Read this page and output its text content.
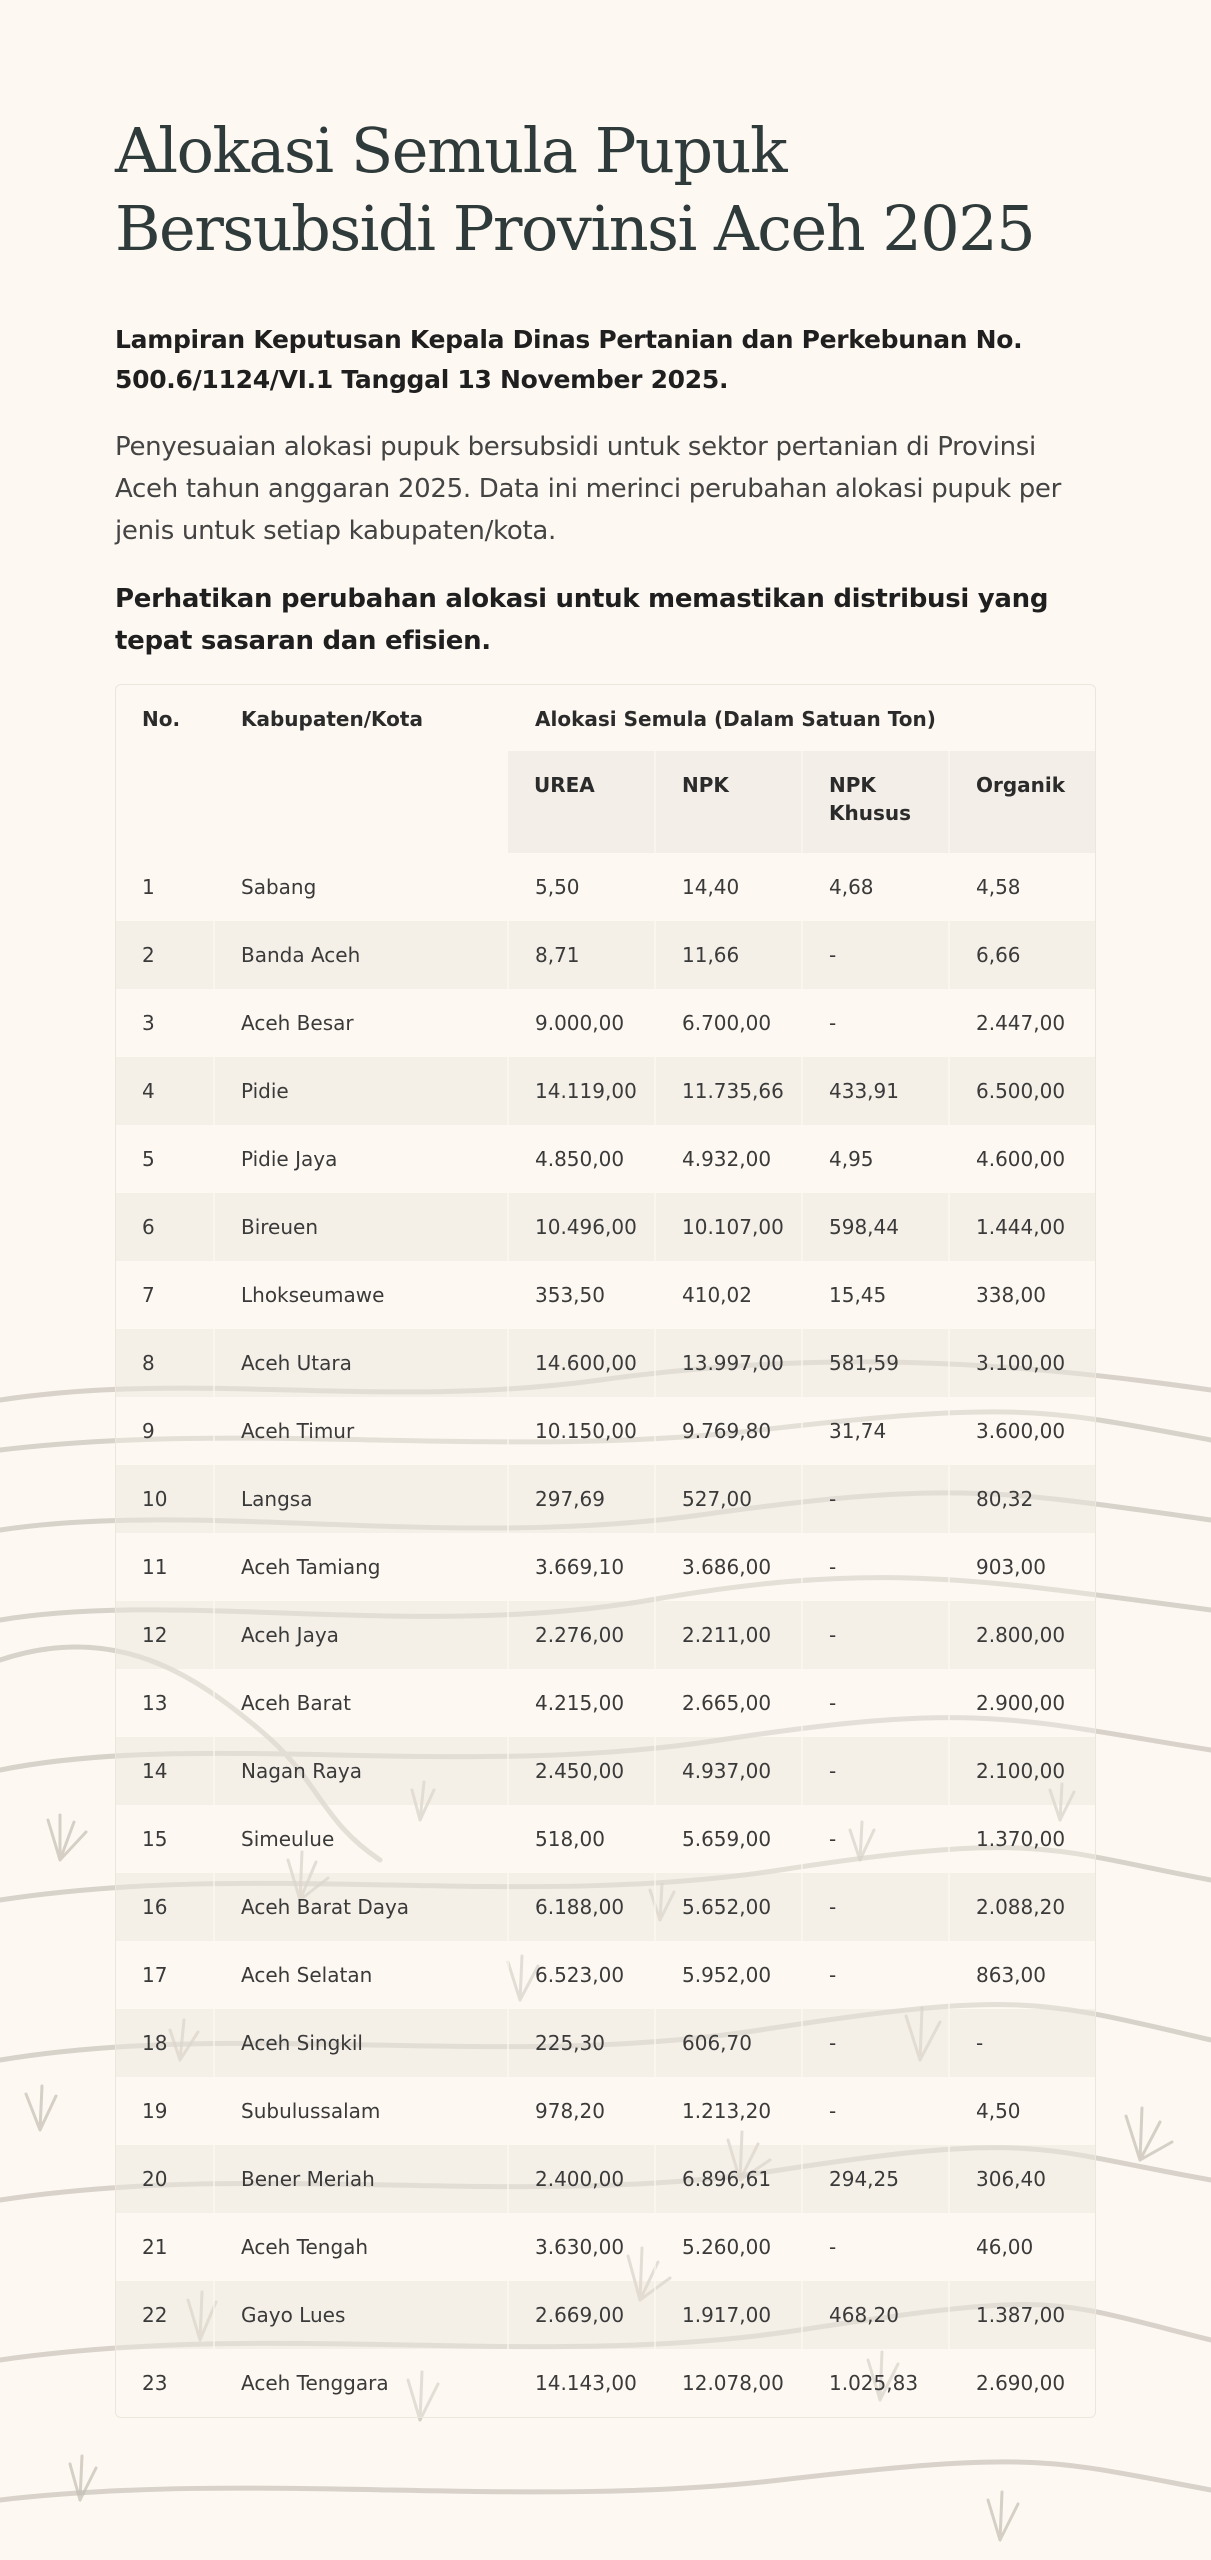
Alokasi Semula Pupuk Bersubsidi Provinsi Aceh 2025

Lampiran Keputusan Kepala Dinas Pertanian dan Perkebunan No. 500.6/1124/VI.1 Tanggal 13 November 2025.

Penyesuaian alokasi pupuk bersubsidi untuk sektor pertanian di Provinsi Aceh tahun anggaran 2025. Data ini merinci perubahan alokasi pupuk per jenis untuk setiap kabupaten/kota.

Perhatikan perubahan alokasi untuk memastikan distribusi yang tepat sasaran dan efisien.

No.	Kabupaten/Kota	Alokasi Semula (Dalam Satuan Ton)			
		UREA	NPK	NPK Khusus	Organik
1	Sabang	5,50	14,40	4,68	4,58
2	Banda Aceh	8,71	11,66	-	6,66
3	Aceh Besar	9.000,00	6.700,00	-	2.447,00
4	Pidie	14.119,00	11.735,66	433,91	6.500,00
5	Pidie Jaya	4.850,00	4.932,00	4,95	4.600,00
6	Bireuen	10.496,00	10.107,00	598,44	1.444,00
7	Lhokseumawe	353,50	410,02	15,45	338,00
8	Aceh Utara	14.600,00	13.997,00	581,59	3.100,00
9	Aceh Timur	10.150,00	9.769,80	31,74	3.600,00
10	Langsa	297,69	527,00	-	80,32
11	Aceh Tamiang	3.669,10	3.686,00	-	903,00
12	Aceh Jaya	2.276,00	2.211,00	-	2.800,00
13	Aceh Barat	4.215,00	2.665,00	-	2.900,00
14	Nagan Raya	2.450,00	4.937,00	-	2.100,00
15	Simeulue	518,00	5.659,00	-	1.370,00
16	Aceh Barat Daya	6.188,00	5.652,00	-	2.088,20
17	Aceh Selatan	6.523,00	5.952,00	-	863,00
18	Aceh Singkil	225,30	606,70	-	-
19	Subulussalam	978,20	1.213,20	-	4,50
20	Bener Meriah	2.400,00	6.896,61	294,25	306,40
21	Aceh Tengah	3.630,00	5.260,00	-	46,00
22	Gayo Lues	2.669,00	1.917,00	468,20	1.387,00
23	Aceh Tenggara	14.143,00	12.078,00	1.025,83	2.690,00
